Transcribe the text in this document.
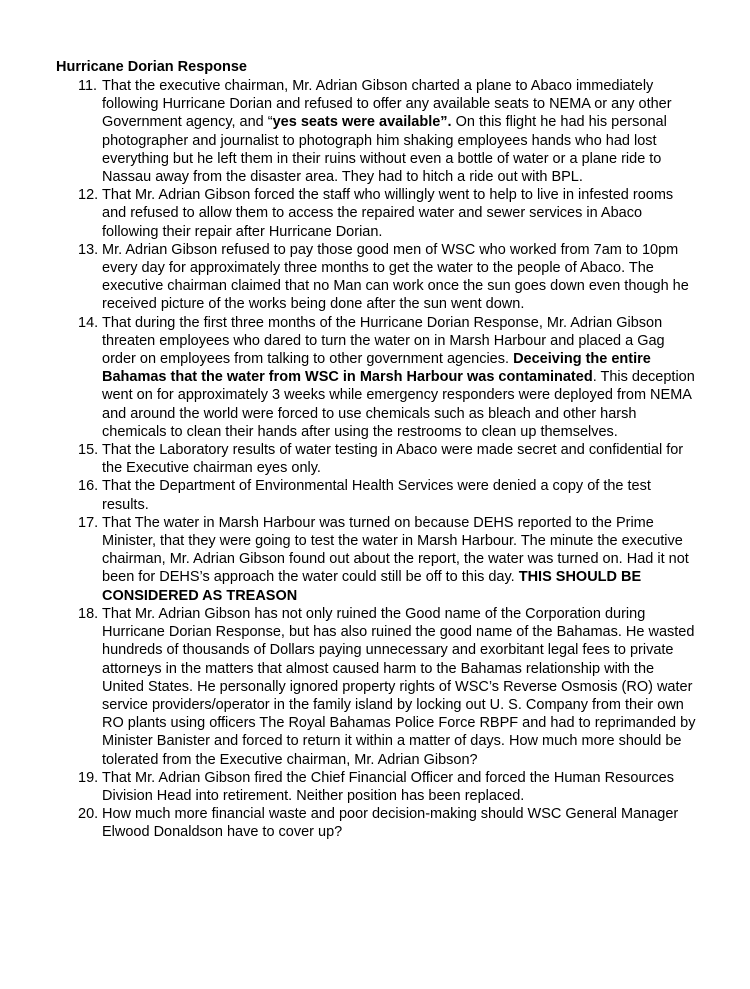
Hurricane Dorian Response
11. That the executive chairman, Mr. Adrian Gibson charted a plane to Abaco immediately following Hurricane Dorian and refused to offer any available seats to NEMA or any other Government agency, and “yes seats were available”. On this flight he had his personal photographer and journalist to photograph him shaking employees hands who had lost everything but he left them in their ruins without even a bottle of water or a plane ride to Nassau away from the disaster area. They had to hitch a ride out with BPL.
12. That Mr. Adrian Gibson forced the staff who willingly went to help to live in infested rooms and refused to allow them to access the repaired water and sewer services in Abaco following their repair after Hurricane Dorian.
13. Mr. Adrian Gibson refused to pay those good men of WSC who worked from 7am to 10pm every day for approximately three months to get the water to the people of Abaco. The executive chairman claimed that no Man can work once the sun goes down even though he received picture of the works being done after the sun went down.
14. That during the first three months of the Hurricane Dorian Response, Mr. Adrian Gibson threaten employees who dared to turn the water on in Marsh Harbour and placed a Gag order on employees from talking to other government agencies. Deceiving the entire Bahamas that the water from WSC in Marsh Harbour was contaminated. This deception went on for approximately 3 weeks while emergency responders were deployed from NEMA and around the world were forced to use chemicals such as bleach and other harsh chemicals to clean their hands after using the restrooms to clean up themselves.
15. That the Laboratory results of water testing in Abaco were made secret and confidential for the Executive chairman eyes only.
16. That the Department of Environmental Health Services were denied a copy of the test results.
17. That The water in Marsh Harbour was turned on because DEHS reported to the Prime Minister, that they were going to test the water in Marsh Harbour. The minute the executive chairman, Mr. Adrian Gibson found out about the report, the water was turned on. Had it not been for DEHS’s approach the water could still be off to this day. THIS SHOULD BE CONSIDERED AS TREASON
18. That Mr. Adrian Gibson has not only ruined the Good name of the Corporation during Hurricane Dorian Response, but has also ruined the good name of the Bahamas. He wasted hundreds of thousands of Dollars paying unnecessary and exorbitant legal fees to private attorneys in the matters that almost caused harm to the Bahamas relationship with the United States. He personally ignored property rights of WSC’s Reverse Osmosis (RO) water service providers/operator in the family island by locking out U. S. Company from their own RO plants using officers The Royal Bahamas Police Force RBPF and had to reprimanded by Minister Banister and forced to return it within a matter of days. How much more should be tolerated from the Executive chairman, Mr. Adrian Gibson?
19. That Mr. Adrian Gibson fired the Chief Financial Officer and forced the Human Resources Division Head into retirement. Neither position has been replaced.
20. How much more financial waste and poor decision-making should WSC General Manager Elwood Donaldson have to cover up?
